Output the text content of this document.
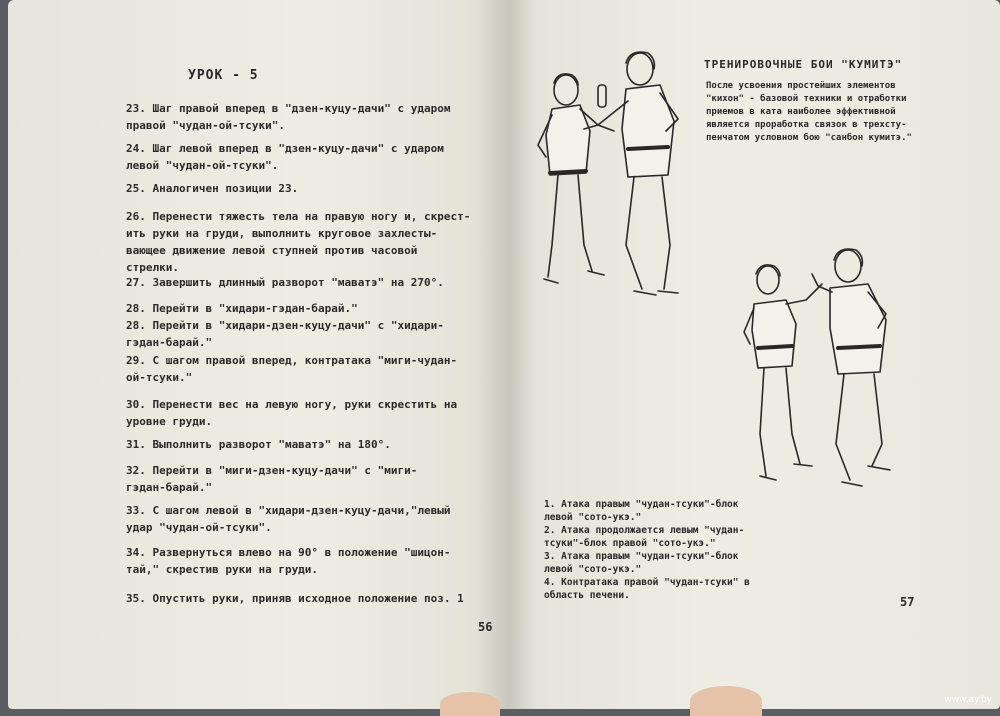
УРОК - 5
23. Шаг правой вперед в "дзен-куцу-дачи" с ударом
правой "чудан-ой-тсуки".
24. Шаг левой вперед в "дзен-куцу-дачи" с ударом
левой "чудан-ой-тсуки".
25. Аналогичен позиции 23.
26. Перенести тяжесть тела на правую ногу и, скрест-
ить руки на груди, выполнить круговое захлесты-
вающее движение левой ступней против часовой
стрелки.
27. Завершить длинный разворот "маватэ" на 270°.
28. Перейти в "хидари-гэдан-барай."
28. Перейти в "хидари-дзен-куцу-дачи" с "хидари-
гэдан-барай."
29. С шагом правой вперед, контратака "миги-чудан-
ой-тсуки."
30. Перенести вес на левую ногу, руки скрестить на
уровне груди.
31. Выполнить разворот "маватэ" на 180°.
32. Перейти в "миги-дзен-куцу-дачи" с "миги-
гэдан-барай."
33. С шагом левой в "хидари-дзен-куцу-дачи,"левый
удар "чудан-ой-тсуки".
34. Развернуться влево на 90° в положение "шицон-
тай," скрестив руки на груди.
35. Опустить руки, приняв исходное положение поз. 1
56
ТРЕНИРОВОЧНЫЕ БОИ "КУМИТЭ"
После усвоения простейших элементов
"кихон" - базовой техники и отработки
приемов в ката наиболее эффективной
является проработка связок в трехсту-
пенчатом условном бою "санбон кумитэ."
1. Атака правым "чудан-тсуки"-блок
левой "сото-укэ."
2. Атака продолжается левым "чудан-
тсуки"-блок правой "сото-укэ."
3. Атака правым "чудан-тсуки"-блок
левой "сото-укэ."
4. Контратака правой "чудан-тсуки" в
область печени.	57
www.ay.by
